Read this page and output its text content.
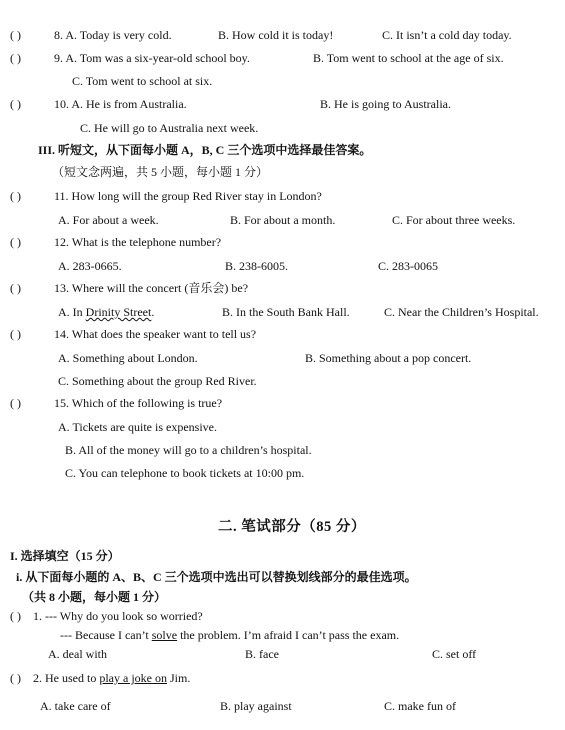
( )	8. A. Today is very cold.	B. How cold it is today!	C. It isn’t a cold day today.
( )	9. A. Tom was a six-year-old school boy.	B. Tom went to school at the age of six.
C. Tom went to school at six.
( )	10. A. He is from Australia.	B. He is going to Australia.
C. He will go to Australia next week.
III. 听短文，从下面每小题 A，B, C 三个选项中选择最佳答案。
（短文念两遍，共 5 小题，每小题 1 分）
( )	11. How long will the group Red River stay in London?
A. For about a week.	B. For about a month.	C. For about three weeks.
( )	12. What is the telephone number?
A. 283-0665.	B. 238-6005.	C. 283-0065
( )	13. Where will the concert (音乐会) be?
A. In Drinity Street.	B. In the South Bank Hall.	C. Near the Children’s Hospital.
( )	14. What does the speaker want to tell us?
A. Something about London.	B. Something about a pop concert.
C. Something about the group Red River.
( )	15. Which of the following is true?
A. Tickets are quite is expensive.
B. All of the money will go to a children’s hospital.
C. You can telephone to book tickets at 10:00 pm.
二. 笔试部分（85 分）
I. 选择填空（15 分）
i. 从下面每小题的 A、B、C 三个选项中选出可以替换划线部分的最佳选项。
（共 8 小题，每小题 1 分）
( ) 1. --- Why do you look so worried?
--- Because I can’t solve the problem. I’m afraid I can’t pass the exam.
A. deal with	B. face	C. set off
( ) 2. He used to play a joke on Jim.
A. take care of	B. play against	C. make fun of
